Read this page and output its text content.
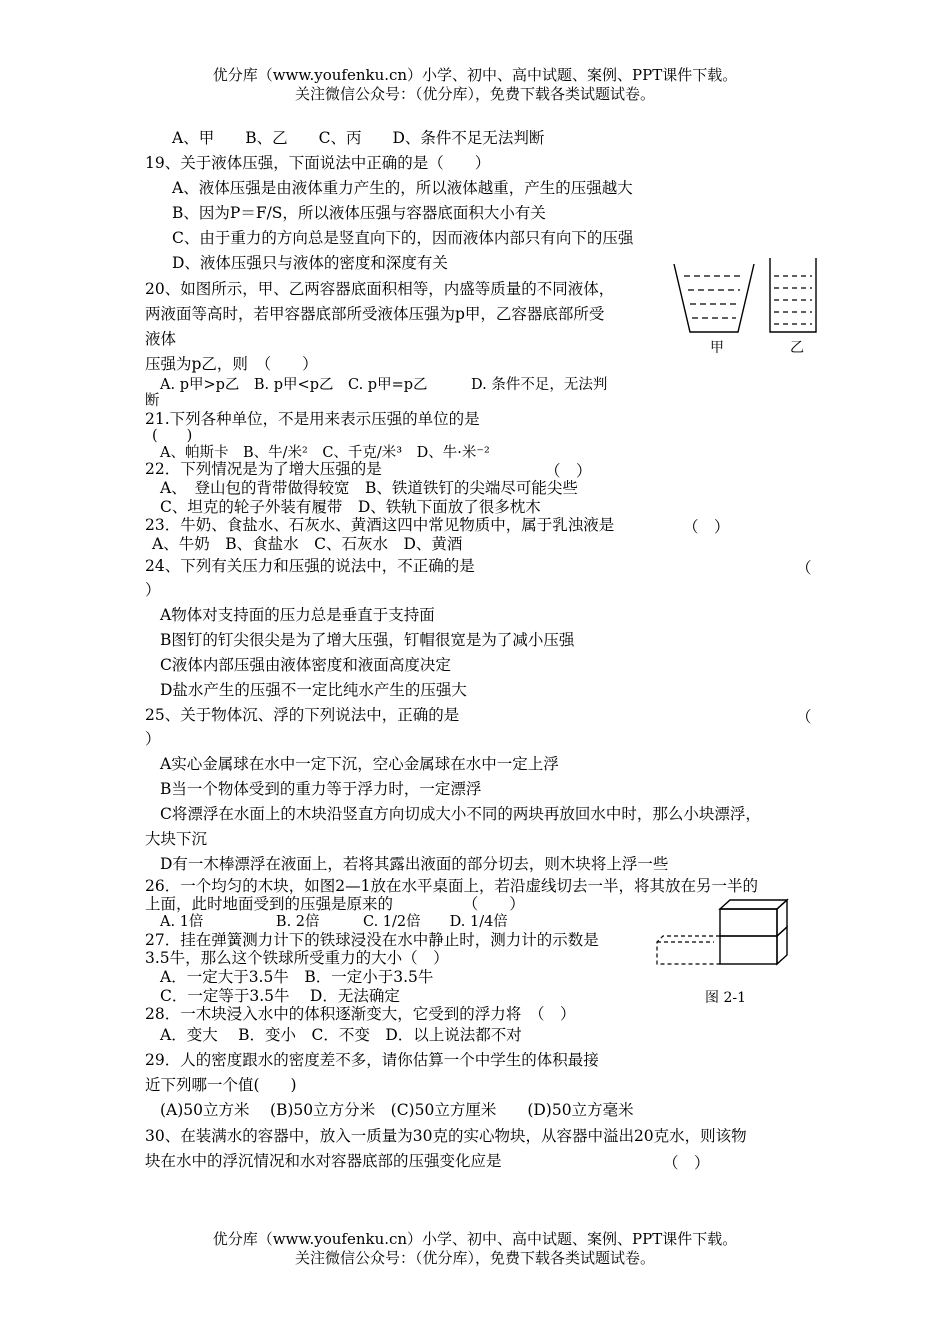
优分库（www.youfenku.cn）小学、初中、高中试题、案例、PPT课件下载。
关注微信公众号：（优分库），免费下载各类试题试卷。
A、甲　　B、乙　　C、丙　　D、条件不足无法判断
19、关于液体压强，下面说法中正确的是（　　）
A、液体压强是由液体重力产生的，所以液体越重，产生的压强越大
B、因为P＝F/S，所以液体压强与容器底面积大小有关
C、由于重力的方向总是竖直向下的，因而液体内部只有向下的压强
D、液体压强只与液体的密度和深度有关
20、如图所示，甲、乙两容器底面积相等，内盛等质量的不同液体，
两液面等高时，若甲容器底部所受液体压强为p甲，乙容器底部所受
液体
压强为p乙，则　（　　）
A. p甲>p乙　B. p甲<p乙　C. p甲=p乙　　　D. 条件不足，无法判
断
甲	乙
21.下列各种单位，不是用来表示压强的单位的是
(　　)
A、帕斯卡　B、牛/米²　C、千克/米³　D、牛·米⁻²
22．下列情况是为了增大压强的是	（　）
A、　登山包的背带做得较宽　B、铁道铁钉的尖端尽可能尖些
C、坦克的轮子外装有履带　D、铁轨下面放了很多枕木
23．牛奶、食盐水、石灰水、黄酒这四中常见物质中，属于乳浊液是	（　）
A、牛奶　B、食盐水　C、石灰水　D、黄酒
24、下列有关压力和压强的说法中，不正确的是	（
）
A物体对支持面的压力总是垂直于支持面
B图钉的钉尖很尖是为了增大压强，钉帽很宽是为了减小压强
C液体内部压强由液体密度和液面高度决定
D盐水产生的压强不一定比纯水产生的压强大
25、关于物体沉、浮的下列说法中，正确的是	（
）
A实心金属球在水中一定下沉，空心金属球在水中一定上浮
B当一个物体受到的重力等于浮力时，一定漂浮
C将漂浮在水面上的木块沿竖直方向切成大小不同的两块再放回水中时，那么小块漂浮，
大块下沉
D有一木棒漂浮在液面上，若将其露出液面的部分切去，则木块将上浮一些
26．一个均匀的木块，如图2—1放在水平桌面上，若沿虚线切去一半，将其放在另一半的
上面，此时地面受到的压强是原来的　　　　　（　　）
A. 1倍　　　　　B. 2倍　　　C. 1/2倍　　D. 1/4倍
27．挂在弹簧测力计下的铁球浸没在水中静止时，测力计的示数是
3.5牛，那么这个铁球所受重力的大小（　）
A．一定大于3.5牛　B．一定小于3.5牛
C．一定等于3.5牛　 D．无法确定	图 2-1
28．一木块浸入水中的体积逐渐变大，它受到的浮力将　（　）
A．变大　 B．变小　C．不变　D．以上说法都不对
29．人的密度跟水的密度差不多，请你估算一个中学生的体积最接
近下列哪一个值(　　)
(A)50立方米　 (B)50立方分米　(C)50立方厘米　　(D)50立方毫米
30、在装满水的容器中，放入一质量为30克的实心物块，从容器中溢出20克水，则该物
块在水中的浮沉情况和水对容器底部的压强变化应是	（　）
优分库（www.youfenku.cn）小学、初中、高中试题、案例、PPT课件下载。
关注微信公众号：（优分库），免费下载各类试题试卷。
